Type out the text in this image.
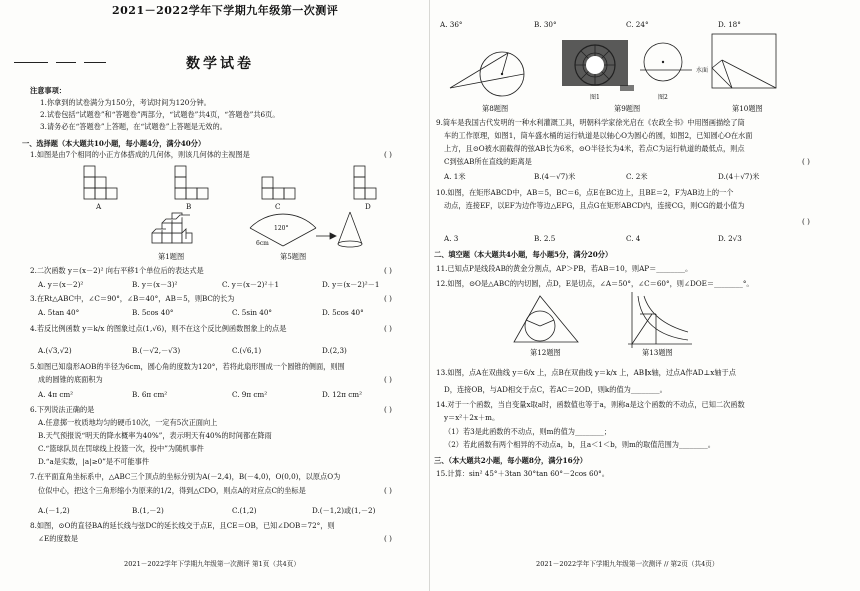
2021－2022学年下学期九年级第一次测评
数学试卷
注意事项：
1.你拿到的试卷满分为150分，考试时间为120分钟。
2.试卷包括“试题卷”和“答题卷”两部分，“试题卷”共4页，“答题卷”共6页。
3.请务必在“答题卷”上答题，在“试题卷”上答题是无效的。
一、选择题（本大题共10小题，每小题4分，满分40分）
1.如图是由7个相同的小正方体搭成的几何体，则该几何体的主视图是	( )
A	B	C	D
120°
6cm
第1题图	第5题图
2.二次函数 y＝(x－2)² 向右平移1个单位后的表达式是	( )
A. y＝(x－2)²	B. y＝(x－3)²	C. y＝(x－2)²＋1	D. y＝(x－2)²－1
3.在Rt△ABC中，∠C＝90°，∠B＝40°，AB＝5，则BC的长为	( )
A. 5tan 40°	B. 5cos 40°	C. 5sin 40°	D. 5cos 40°
4.若反比例函数 y＝k/x 的图象过点(1,√6)，则不在这个反比例函数图象上的点是	( )
A.(√3,√2)	B.(－√2,－√3)	C.(√6,1)	D.(2,3)
5.如图已知扇形AOB的半径为6cm，圆心角的度数为120°，若将此扇形围成一个圆锥的侧面，则围
成的圆锥的底面积为	( )
A. 4π cm²	B. 6π cm²	C. 9π cm²	D. 12π cm²
6.下列说法正确的是	( )
A.任意掷一枚质地均匀的硬币10次，一定有5次正面向上
B.天气预报说“明天的降水概率为40%”，表示明天有40%的时间都在降雨
C.“篮球队员在罚球线上投篮一次，投中”为随机事件
D.“a是实数，|a|≥0”是不可能事件
7.在平面直角坐标系中，△ABC三个顶点的坐标分别为A(－2,4)，B(－4,0)，O(0,0)，以原点O为
位似中心，把这个三角形缩小为原来的1/2，得到△CDO，则点A的对应点C的坐标是	( )
A.(－1,2)	B.(1,－2)	C.(1,2)	D.(－1,2)或(1,－2)
8.如图，⊙O的直径BA的延长线与弦DC的延长线交于点E，且CE＝OB，已知∠DOB＝72°，则
∠E的度数是	( )
2021－2022学年下学期九年级第一次测评 第1页（共4页）
A. 36°	B. 30°	C. 24°	D. 18°
水面
图1	图2
第8题图	第9题图	第10题图
9.筒车是我国古代发明的一种水利灌溉工具，明朝科学家徐光启在《农政全书》中用图画描绘了筒
车的工作原理，如图1，筒车盛水桶的运行轨道是以轴心O为圆心的圆，如图2，已知圆心O在水面
上方，且⊙O被水面截得的弦AB长为6米，⊙O半径长为4米，若点C为运行轨道的最低点，则点
C到弦AB所在直线的距离是	( )
A. 1米	B.(4－√7)米	C. 2米	D.(4＋√7)米
10.如图，在矩形ABCD中，AB＝5，BC＝6，点E在BC边上，且BE＝2，F为AB边上的一个
动点，连接EF，以EF为边作等边△EFG，且点G在矩形ABCD内，连接CG，则CG的最小值为
( )
A. 3	B. 2.5	C. 4	D. 2√3
二、填空题（本大题共4小题，每小题5分，满分20分）
11.已知点P是线段AB的黄金分割点，AP＞PB，若AB＝10，则AP＝________。
12.如图，⊙O是△ABC的内切圆，点D，E是切点，∠A＝50°，∠C＝60°，则∠DOE＝________°。
第12题图	第13题图
13.如图，点A在双曲线 y＝6/x 上，点B在双曲线 y＝k/x 上，AB∥x轴，过点A作AD⊥x轴于点
D，连接OB，与AD相交于点C，若AC＝2OD，则k的值为________。
14.对于一个函数，当自变量x取a时，函数值也等于a，则称a是这个函数的不动点，已知二次函数
y＝x²＋2x＋m。
（1）若3是此函数的不动点，则m的值为________；
（2）若此函数有两个相异的不动点a，b，且a＜1＜b，则m的取值范围为________。
三、（本大题共2小题，每小题8分，满分16分）
15.计算：sin² 45°＋3tan 30°tan 60°－2cos 60°。
2021－2022学年下学期九年级第一次测评 // 第2页（共4页）
